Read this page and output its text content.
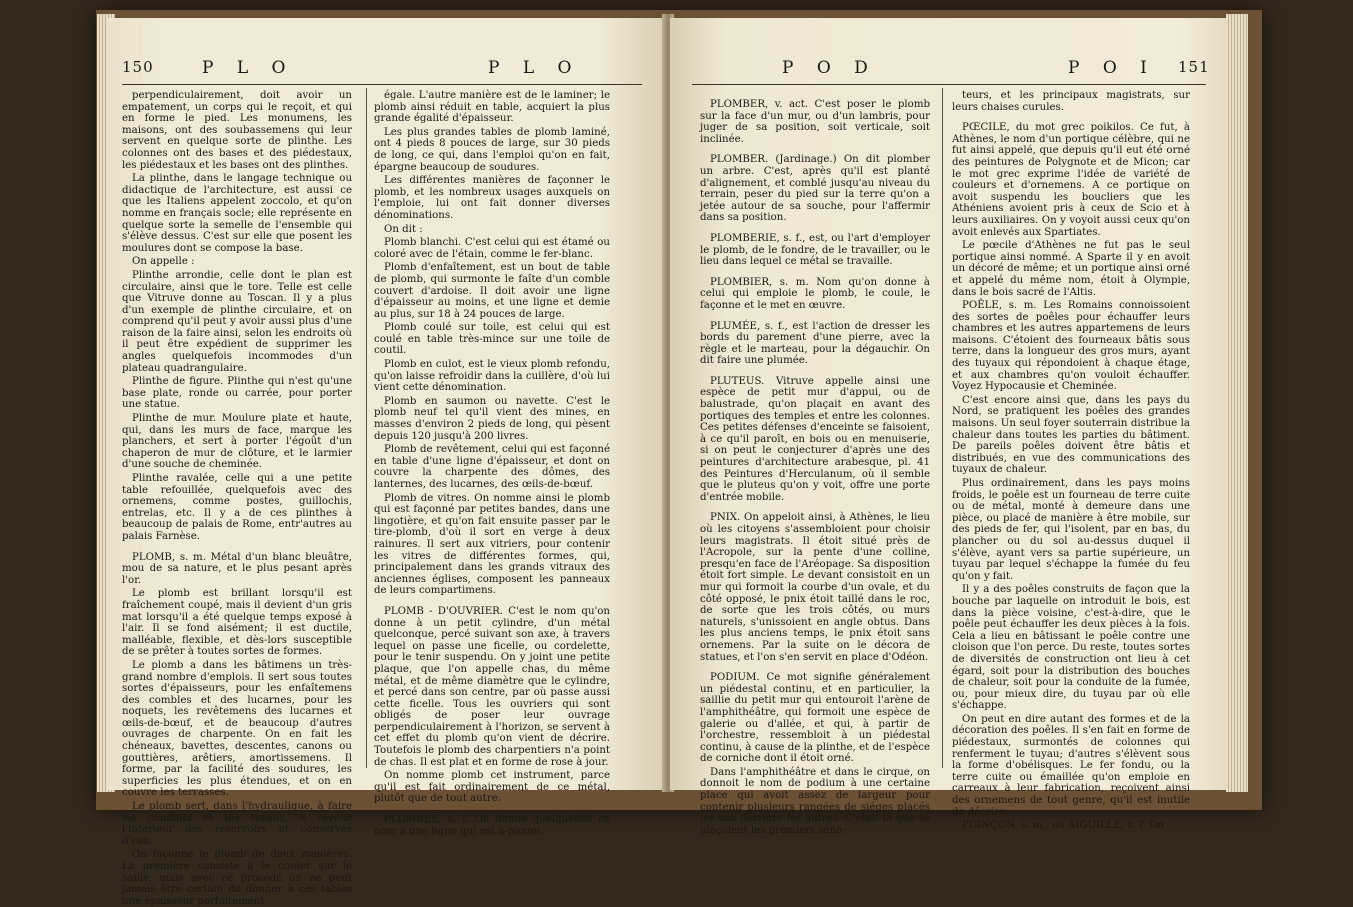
150	P L O	P L O

perpendiculairement, doit avoir un empatement, un corps qui le reçoit, et qui en forme le pied. Les monumens, les maisons, ont des soubassemens qui leur servent en quelque sorte de plinthe. Les colonnes ont des bases et des piédestaux, les piédestaux et les bases ont des plinthes.

La plinthe, dans le langage technique ou didactique de l'architecture, est aussi ce que les Italiens appelent zoccolo, et qu'on nomme en français socle; elle représente en quelque sorte la semelle de l'ensemble qui s'élève dessus. C'est sur elle que posent les moulures dont se compose la base.

On appelle :

Plinthe arrondie, celle dont le plan est circulaire, ainsi que le tore. Telle est celle que Vitruve donne au Toscan. Il y a plus d'un exemple de plinthe circulaire, et on comprend qu'il peut y avoir aussi plus d'une raison de la faire ainsi, selon les endroits où il peut être expédient de supprimer les angles quelquefois incommodes d'un plateau quadrangulaire.

Plinthe de figure. Plinthe qui n'est qu'une base plate, ronde ou carrée, pour porter une statue.

Plinthe de mur. Moulure plate et haute, qui, dans les murs de face, marque les planchers, et sert à porter l'égoût d'un chaperon de mur de clôture, et le larmier d'une souche de cheminée.

Plinthe ravalée, celle qui a une petite table refouillée, quelquefois avec des ornemens, comme postes, guillochis, entrelas, etc. Il y a de ces plinthes à beaucoup de palais de Rome, entr'autres au palais Farnèse.

PLOMB, s. m. Métal d'un blanc bleuâtre, mou de sa nature, et le plus pesant après l'or.

Le plomb est brillant lorsqu'il est fraîchement coupé, mais il devient d'un gris mat lorsqu'il a été quelque temps exposé à l'air. Il se fond aisément; il est ductile, malléable, flexible, et dès-lors susceptible de se prêter à toutes sortes de formes.

Le plomb a dans les bâtimens un très-grand nombre d'emplois. Il sert sous toutes sortes d'épaisseurs, pour les enfaîtemens des combles et des lucarnes, pour les noquets, les revêtemens des lucarnes et œils-de-bœuf, et de beaucoup d'autres ouvrages de charpente. On en fait les chéneaux, bavettes, descentes, canons ou gouttières, arêtiers, amortissemens. Il forme, par la facilité des soudures, les superficies les plus étendues, et on en couvre les terrasses.

Le plomb sert, dans l'hydraulique, à faire les conduits et les tuyaux, à revêtir l'intérieur des réservoirs et conserves d'eau.

On façonne le plomb de deux manières. La première consiste à le couler sur le sable, mais avec ce procédé on ne peut jamais être certain de donner à ces tables une épaisseur parfaitement

égale. L'autre manière est de le laminer; le plomb ainsi réduit en table, acquiert la plus grande égalité d'épaisseur.

Les plus grandes tables de plomb laminé, ont 4 pieds 8 pouces de large, sur 30 pieds de long, ce qui, dans l'emploi qu'on en fait, épargne beaucoup de soudures.

Les différentes manières de façonner le plomb, et les nombreux usages auxquels on l'emploie, lui ont fait donner diverses dénominations.

On dit :

Plomb blanchi. C'est celui qui est étamé ou coloré avec de l'étain, comme le fer-blanc.

Plomb d'enfaîtement, est un bout de table de plomb, qui surmonte le faîte d'un comble couvert d'ardoise. Il doit avoir une ligne d'épaisseur au moins, et une ligne et demie au plus, sur 18 à 24 pouces de large.

Plomb coulé sur toile, est celui qui est coulé en table très-mince sur une toile de coutil.

Plomb en culot, est le vieux plomb refondu, qu'on laisse refroidir dans la cuillère, d'où lui vient cette dénomination.

Plomb en saumon ou navette. C'est le plomb neuf tel qu'il vient des mines, en masses d'environ 2 pieds de long, qui pèsent depuis 120 jusqu'à 200 livres.

Plomb de revêtement, celui qui est façonné en table d'une ligne d'épaisseur, et dont on couvre la charpente des dômes, des lanternes, des lucarnes, des œils-de-bœuf.

Plomb de vitres. On nomme ainsi le plomb qui est façonné par petites bandes, dans une lingotière, et qu'on fait ensuite passer par le tire-plomb, d'où il sort en verge à deux rainures. Il sert aux vitriers, pour contenir les vitres de différentes formes, qui, principalement dans les grands vitraux des anciennes églises, composent les panneaux de leurs compartimens.

PLOMB - D'OUVRIER. C'est le nom qu'on donne à un petit cylindre, d'un métal quelconque, percé suivant son axe, à travers lequel on passe une ficelle, ou cordelette, pour le tenir suspendu. On y joint une petite plaque, que l'on appelle chas, du même métal, et de même diamètre que le cylindre, et percé dans son centre, par où passe aussi cette ficelle. Tous les ouvriers qui sont obligés de poser leur ouvrage perpendiculairement à l'horizon, se servent à cet effet du plomb qu'on vient de décrire. Toutefois le plomb des charpentiers n'a point de chas. Il est plat et en forme de rose à jour.

On nomme plomb cet instrument, parce qu'il est fait ordinairement de ce métal, plutôt que de tout autre.

PLOMBÉE, s. f. On donne quelquefois ce nom à une ligne qui est à-plomb.

P O D	P O I 151

PLOMBER, v. act. C'est poser le plomb sur la face d'un mur, ou d'un lambris, pour juger de sa position, soit verticale, soit inclinée.

PLOMBER. (Jardinage.) On dit plomber un arbre. C'est, après qu'il est planté d'alignement, et comblé jusqu'au niveau du terrain, peser du pied sur la terre qu'on a jetée autour de sa souche, pour l'affermir dans sa position.

PLOMBERIE, s. f., est, ou l'art d'employer le plomb, de le fondre, de le travailler, ou le lieu dans lequel ce métal se travaille.

PLOMBIER, s. m. Nom qu'on donne à celui qui emploie le plomb, le coule, le façonne et le met en œuvre.

PLUMÉE, s. f., est l'action de dresser les bords du parement d'une pierre, avec la règle et le marteau, pour la dégauchir. On dit faire une plumée.

PLUTEUS. Vitruve appelle ainsi une espèce de petit mur d'appui, ou de balustrade, qu'on plaçait en avant des portiques des temples et entre les colonnes. Ces petites défenses d'enceinte se faisoient, à ce qu'il paroît, en bois ou en menuiserie, si on peut le conjecturer d'après une des peintures d'architecture arabesque, pl. 41 des Peintures d'Herculanum, où il semble que le pluteus qu'on y voit, offre une porte d'entrée mobile.

PNIX. On appeloit ainsi, à Athènes, le lieu où les citoyens s'assembloient pour choisir leurs magistrats. Il étoit situé près de l'Acropole, sur la pente d'une colline, presqu'en face de l'Aréopage. Sa disposition étoit fort simple. Le devant consistoit en un mur qui formoit la courbe d'un ovale, et du côté opposé, le pnix étoit taillé dans le roc, de sorte que les trois côtés, ou murs naturels, s'unissoient en angle obtus. Dans les plus anciens temps, le pnix étoit sans ornemens. Par la suite on le décora de statues, et l'on s'en servit en place d'Odéon.

PODIUM. Ce mot signifie généralement un piédestal continu, et en particulier, la saillie du petit mur qui entouroit l'arène de l'amphithéâtre, qui formoit une espèce de galerie ou d'allée, et qui, à partir de l'orchestre, ressembloit à un piédestal continu, à cause de la plinthe, et de l'espèce de corniche dont il étoit orné.

Dans l'amphithéâtre et dans le cirque, on donnoit le nom de podium à une certaine place qui avoit assez de largeur pour contenir plusieurs rangées de siéges placés les uns derrière les autres. C'étoit là que se plaçoient les premiers séna-

teurs, et les principaux magistrats, sur leurs chaises curules.

PŒCILE, du mot grec poikilos. Ce fut, à Athènes, le nom d'un portique célèbre, qui ne fut ainsi appelé, que depuis qu'il eut été orné des peintures de Polygnote et de Micon; car le mot grec exprime l'idée de variété de couleurs et d'ornemens. A ce portique on avoit suspendu les boucliers que les Athéniens avoient pris à ceux de Scio et à leurs auxiliaires. On y voyoit aussi ceux qu'on avoit enlevés aux Spartiates.

Le pœcile d'Athènes ne fut pas le seul portique ainsi nommé. A Sparte il y en avoit un décoré de même; et un portique ainsi orné et appelé du même nom, étoit à Olympie, dans le bois sacré de l'Altis.

POÊLE, s. m. Les Romains connoissoient des sortes de poêles pour échauffer leurs chambres et les autres appartemens de leurs maisons. C'étoient des fourneaux bâtis sous terre, dans la longueur des gros murs, ayant des tuyaux qui répondoient à chaque étage, et aux chambres qu'on vouloit échauffer. Voyez Hypocausie et Cheminée.

C'est encore ainsi que, dans les pays du Nord, se pratiquent les poêles des grandes maisons. Un seul foyer souterrain distribue la chaleur dans toutes les parties du bâtiment. De pareils poêles doivent être bâtis et distribués, en vue des communications des tuyaux de chaleur.

Plus ordinairement, dans les pays moins froids, le poêle est un fourneau de terre cuite ou de métal, monté à demeure dans une pièce, ou placé de manière à être mobile, sur des pieds de fer, qui l'isolent, par en bas, du plancher ou du sol au-dessus duquel il s'élève, ayant vers sa partie supérieure, un tuyau par lequel s'échappe la fumée du feu qu'on y fait.

Il y a des poêles construits de façon que la bouche par laquelle on introduit le bois, est dans la pièce voisine, c'est-à-dire, que le poêle peut échauffer les deux pièces à la fois. Cela a lieu en bâtissant le poêle contre une cloison que l'on perce. Du reste, toutes sortes de diversités de construction ont lieu à cet égard, soit pour la distribution des bouches de chaleur, soit pour la conduite de la fumée, ou, pour mieux dire, du tuyau par où elle s'échappe.

On peut en dire autant des formes et de la décoration des poêles. Il s'en fait en forme de piédestaux, surmontés de colonnes qui renferment le tuyau; d'autres s'élèvent sous la forme d'obélisques. Le fer fondu, ou la terre cuite ou émaillée qu'on emploie en carreaux à leur fabrication, reçoivent ainsi des ornemens de tout genre, qu'il est inutile de décrire.

POINÇON, s. m., ou AIGUILLE, s. f. On
